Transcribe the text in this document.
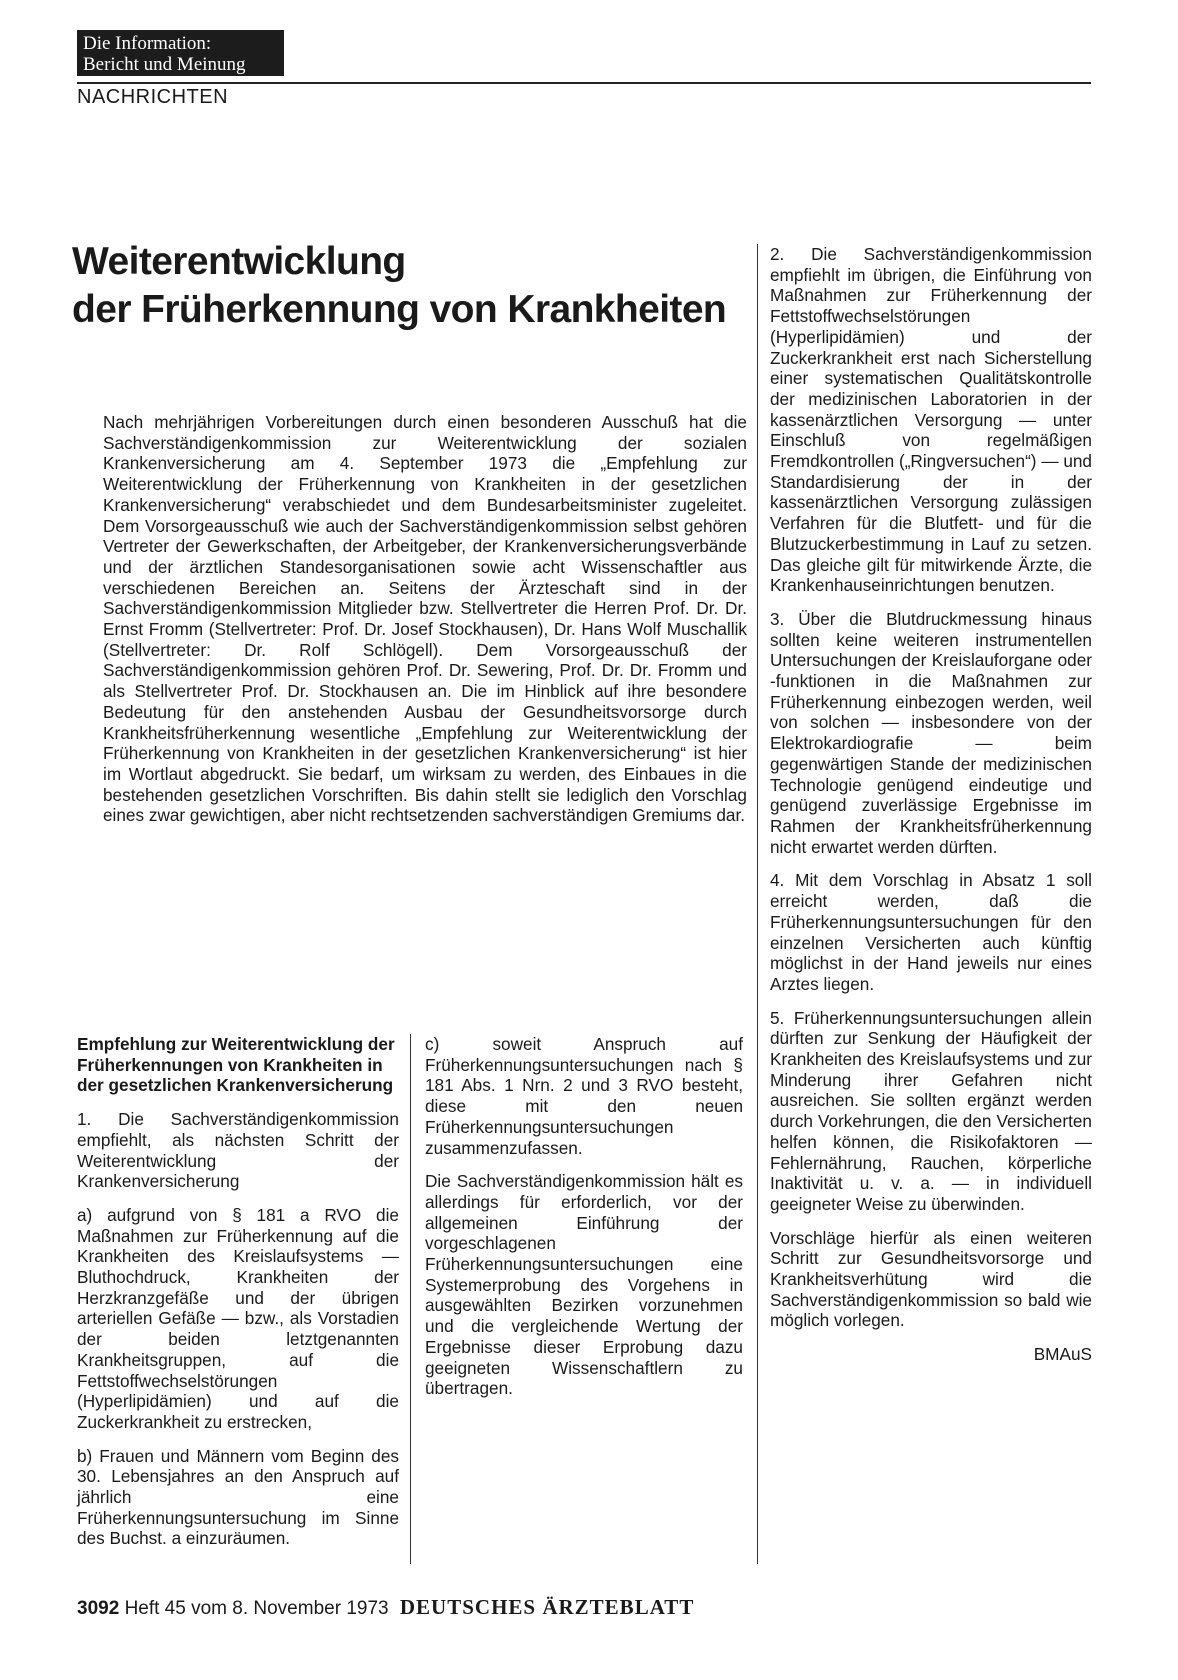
Die Information:
Bericht und Meinung
NACHRICHTEN
Weiterentwicklung
der Früherkennung von Krankheiten
Nach mehrjährigen Vorbereitungen durch einen besonderen Ausschuß hat die Sachverständigenkommission zur Weiterentwicklung der sozialen Krankenversicherung am 4. September 1973 die „Empfehlung zur Weiterentwicklung der Früherkennung von Krankheiten in der gesetzlichen Krankenversicherung“ verabschiedet und dem Bundesarbeitsminister zugeleitet. Dem Vorsorgeausschuß wie auch der Sachverständigenkommission selbst gehören Vertreter der Gewerkschaften, der Arbeitgeber, der Krankenversicherungsverbände und der ärztlichen Standesorganisationen sowie acht Wissenschaftler aus verschiedenen Bereichen an. Seitens der Ärzteschaft sind in der Sachverständigenkommission Mitglieder bzw. Stellvertreter die Herren Prof. Dr. Dr. Ernst Fromm (Stellvertreter: Prof. Dr. Josef Stockhausen), Dr. Hans Wolf Muschallik (Stellvertreter: Dr. Rolf Schlögell). Dem Vorsorgeausschuß der Sachverständigenkommission gehören Prof. Dr. Sewering, Prof. Dr. Dr. Fromm und als Stellvertreter Prof. Dr. Stockhausen an. Die im Hinblick auf ihre besondere Bedeutung für den anstehenden Ausbau der Gesundheitsvorsorge durch Krankheitsfrüherkennung wesentliche „Empfehlung zur Weiterentwicklung der Früherkennung von Krankheiten in der gesetzlichen Krankenversicherung“ ist hier im Wortlaut abgedruckt. Sie bedarf, um wirksam zu werden, des Einbaues in die bestehenden gesetzlichen Vorschriften. Bis dahin stellt sie lediglich den Vorschlag eines zwar gewichtigen, aber nicht rechtsetzenden sachverständigen Gremiums dar.

Empfehlung zur Weiterentwicklung der Früherkennungen von Krankheiten in der gesetzlichen Krankenversicherung

1. Die Sachverständigenkommission empfiehlt, als nächsten Schritt der Weiterentwicklung der Krankenversicherung

a) aufgrund von § 181 a RVO die Maßnahmen zur Früherkennung auf die Krankheiten des Kreislaufsystems — Bluthochdruck, Krankheiten der Herzkranzgefäße und der übrigen arteriellen Gefäße — bzw., als Vorstadien der beiden letztgenannten Krankheitsgruppen, auf die Fettstoffwechselstörungen (Hyperlipidämien) und auf die Zuckerkrankheit zu erstrecken,

b) Frauen und Männern vom Beginn des 30. Lebensjahres an den Anspruch auf jährlich eine Früherkennungsuntersuchung im Sinne des Buchst. a einzuräumen.

c) soweit Anspruch auf Früherkennungsuntersuchungen nach § 181 Abs. 1 Nrn. 2 und 3 RVO besteht, diese mit den neuen Früherkennungsuntersuchungen zusammenzufassen.

Die Sachverständigenkommission hält es allerdings für erforderlich, vor der allgemeinen Einführung der vorgeschlagenen Früherkennungsuntersuchungen eine Systemerprobung des Vorgehens in ausgewählten Bezirken vorzunehmen und die vergleichende Wertung der Ergebnisse dieser Erprobung dazu geeigneten Wissenschaftlern zu übertragen.

2. Die Sachverständigenkommission empfiehlt im übrigen, die Einführung von Maßnahmen zur Früherkennung der Fettstoffwechselstörungen (Hyperlipidämien) und der Zuckerkrankheit erst nach Sicherstellung einer systematischen Qualitätskontrolle der medizinischen Laboratorien in der kassenärztlichen Versorgung — unter Einschluß von regelmäßigen Fremdkontrollen („Ringversuchen“) — und Standardisierung der in der kassenärztlichen Versorgung zulässigen Verfahren für die Blutfett- und für die Blutzuckerbestimmung in Lauf zu setzen. Das gleiche gilt für mitwirkende Ärzte, die Krankenhauseinrichtungen benutzen.

3. Über die Blutdruckmessung hinaus sollten keine weiteren instrumentellen Untersuchungen der Kreislauforgane oder -funktionen in die Maßnahmen zur Früherkennung einbezogen werden, weil von solchen — insbesondere von der Elektrokardiografie — beim gegenwärtigen Stande der medizinischen Technologie genügend eindeutige und genügend zuverlässige Ergebnisse im Rahmen der Krankheitsfrüherkennung nicht erwartet werden dürften.

4. Mit dem Vorschlag in Absatz 1 soll erreicht werden, daß die Früherkennungsuntersuchungen für den einzelnen Versicherten auch künftig möglichst in der Hand jeweils nur eines Arztes liegen.

5. Früherkennungsuntersuchungen allein dürften zur Senkung der Häufigkeit der Krankheiten des Kreislaufsystems und zur Minderung ihrer Gefahren nicht ausreichen. Sie sollten ergänzt werden durch Vorkehrungen, die den Versicherten helfen können, die Risikofaktoren — Fehlernährung, Rauchen, körperliche Inaktivität u. v. a. — in individuell geeigneter Weise zu überwinden.

Vorschläge hierfür als einen weiteren Schritt zur Gesundheitsvorsorge und Krankheitsverhütung wird die Sachverständigenkommission so bald wie möglich vorlegen.

BMAuS
3092 Heft 45 vom 8. November 1973 DEUTSCHES ÄRZTEBLATT
